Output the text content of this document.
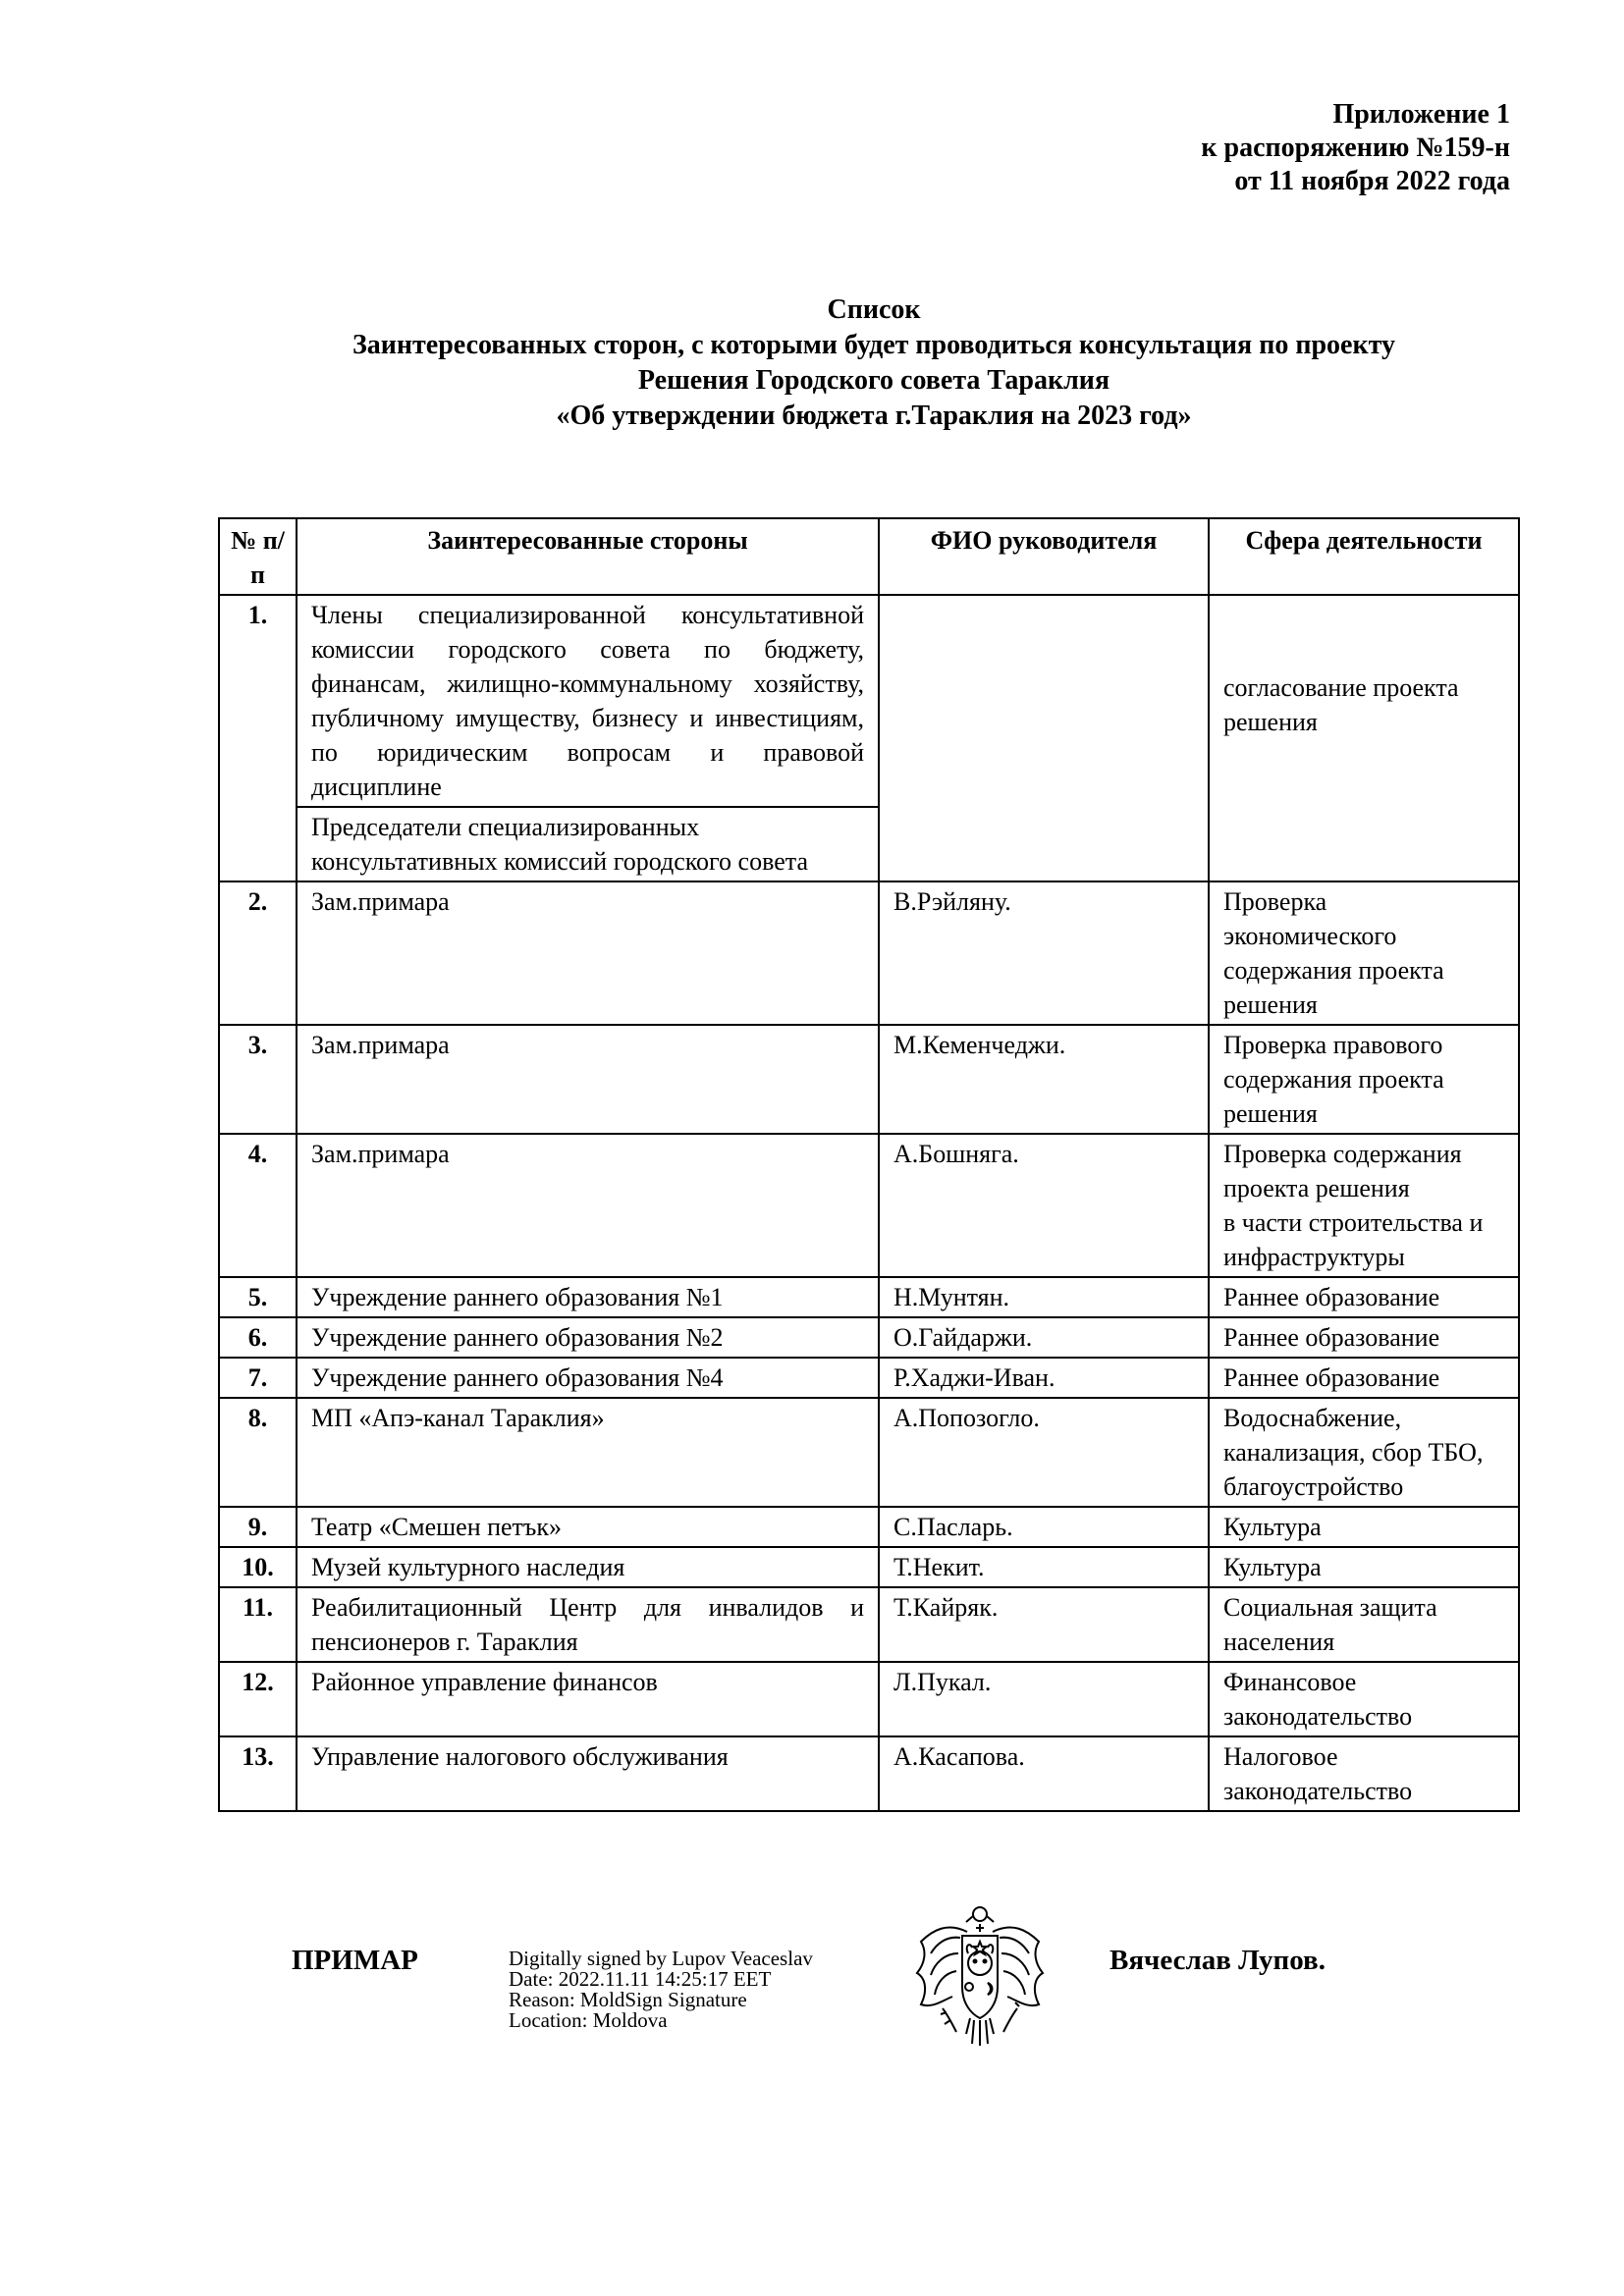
Приложение 1
к распоряжению №159-н
от 11 ноября 2022 года
Список
Заинтересованных сторон, с которыми будет проводиться консультация по проекту
Решения Городского совета Тараклия
«Об утверждении бюджета г.Тараклия на 2023 год»
№ п/п	Заинтересованные стороны	ФИО руководителя	Сфера деятельности
1.	Члены специализированной консультативной комиссии городского совета по бюджету, финансам, жилищно-коммунальному хозяйству, публичному имуществу, бизнесу и инвестициям, по юридическим вопросам и правовой дисциплине		согласование проекта решения
	Председатели специализированных консультативных комиссий городского совета		
2.	Зам.примара	В.Рэйляну.	Проверка экономического содержания проекта решения
3.	Зам.примара	М.Кеменчеджи.	Проверка правового содержания проекта решения
4.	Зам.примара	А.Бошняга.	Проверка содержания проекта решения
в части строительства и инфраструктуры

5.	Учреждение раннего образования №1	Н.Мунтян.	Раннее образование
6.	Учреждение раннего образования №2	О.Гайдаржи.	Раннее образование
7.	Учреждение раннего образования №4	Р.Хаджи-Иван.	Раннее образование
8.	МП «Апэ-канал Тараклия»	А.Попозогло.	Водоснабжение, канализация, сбор ТБО, благоустройство
9.	Театр «Смешен петък»	С.Пасларь.	Культура
10.	Музей культурного наследия	Т.Некит.	Культура
11.	Реабилитационный Центр для инвалидов и пенсионеров г. Тараклия	Т.Кайряк.	Социальная защита населения
12.	Районное управление финансов	Л.Пукал.	Финансовое законодательство
13.	Управление налогового обслуживания	А.Касапова.	Налоговое законодательство
Digitally signed by Lupov Veaceslav
Date: 2022.11.11 14:25:17 EET
Reason: MoldSign Signature
Location: Moldova
ПРИМАР	Вячеслав Лупов.
